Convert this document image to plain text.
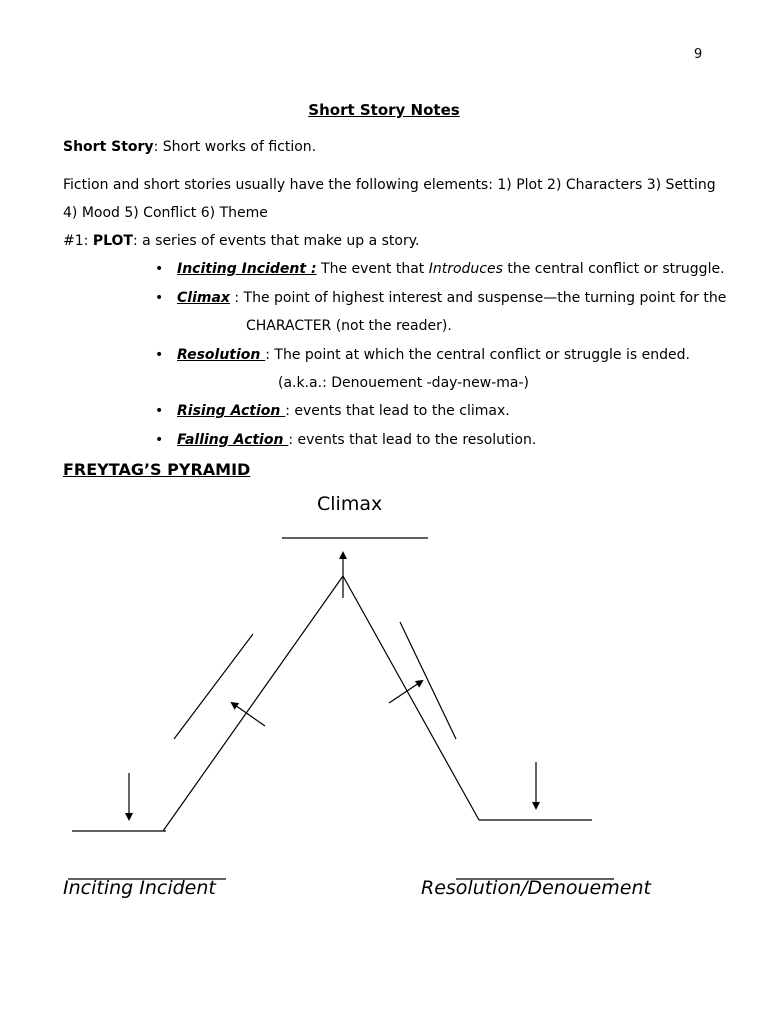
9
Short Story Notes
Short Story: Short works of fiction.
Fiction and short stories usually have the following elements: 1) Plot 2) Characters 3) Setting
4) Mood 5) Conflict 6) Theme
#1: PLOT: a series of events that make up a story.
• Inciting Incident : The event that Introduces the central conflict or struggle.
• Climax : The point of highest interest and suspense—the turning point for the
CHARACTER (not the reader).
• Resolution : The point at which the central conflict or struggle is ended.
(a.k.a.: Denouement -day-new-ma-)
• Rising Action : events that lead to the climax.
• Falling Action : events that lead to the resolution.
FREYTAG’S PYRAMID
Climax
Inciting Incident	Resolution/Denouement
